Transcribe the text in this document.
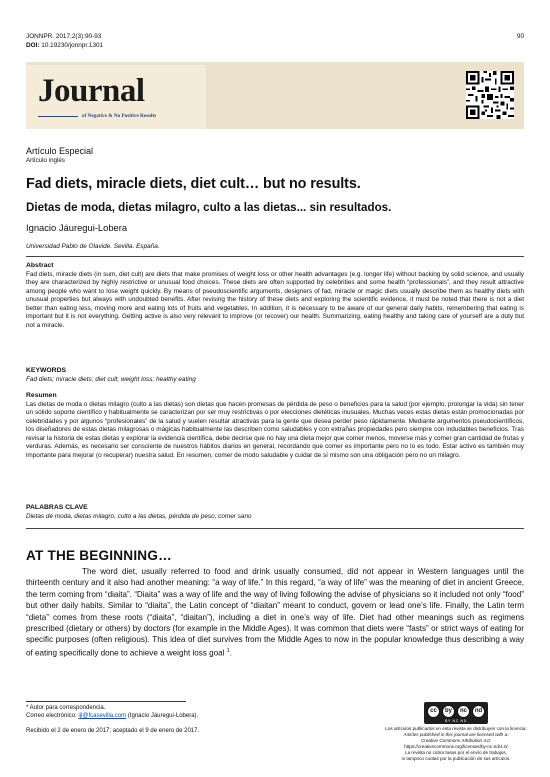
JONNPR. 2017;2(3):90-93
DOI: 10.19230/jonnpr.1301
90
Journal
of Negative & No Positive Results
Artículo Especial
Artículo inglés
Fad diets, miracle diets, diet cult… but no results.
Dietas de moda, dietas milagro, culto a las dietas... sin resultados.
Ignacio Jáuregui-Lobera
Universidad Pablo de Olavide. Sevilla. España.
Abstract

Fad diets, miracle diets (in sum, diet cult) are diets that make promises of weight loss or other health advantages (e.g. longer life) without backing by solid science, and usually they are characterized by highly restrictive or unusual food choices. These diets are often supported by celebrities and some health “professionals”, and they result attractive among people who want to lose weight quickly. By means of pseudoscientific arguments, designers of fad, miracle or magic diets usually describe them as healthy diets with unusual properties but always with undoubted benefits. After revising the history of these diets and exploring the scientific evidence, it must be noted that there is not a diet better than eating less, moving more and eating lots of fruits and vegetables. In addition, it is necessary to be aware of our general daily habits, remembering that eating is important but it is not everything. Getting active is also very relevant to improve (or recover) our health. Summarizing, eating healthy and taking care of yourself are a duty but not a miracle.

KEYWORDS

Fad diets; miracle diets; diet cult; weight loss; healthy eating

Resumen

Las dietas de moda o dietas milagro (culto a las dietas) son dietas que hacen promesas de pérdida de peso o beneficios para la salud (por ejemplo, prolongar la vida) sin tener un sólido soporte científico y habitualmente se caracterizan por ser muy restrictivas o por elecciones dietéticas inusuales. Muchas veces estas dietas están promocionadas por celebridades y por algunos “profesionales” de la salud y suelen resultar atractivas para la gente que desea perder peso rápidamente. Mediante argumentos pseudocientíficos, los diseñadores de estas dietas milagrosas o mágicas habitualmente las describen como saludables y con extrañas propiedades pero siempre con indudables beneficios. Tras revisar la historia de estas dietas y explorar la evidencia científica, debe decirse que no hay una dieta mejor que comer menos, moverse más y comer gran cantidad de frutas y verduras. Además, es necesario ser consciente de nuestros hábitos diarios en general, recordando que comer es importante pero no lo es todo. Estar activo es también muy importante para mejorar (o recuperar) nuestra salud. En resumen, comer de modo saludable y cuidar de sí mismo son una obligación pero no un milagro.

PALABRAS CLAVE

Dietas de moda, dietas milagro, culto a las dietas, pérdida de peso, comer sano

AT THE BEGINNING…

The word diet, usually referred to food and drink usually consumed, did not appear in Western languages until the thirteenth century and it also had another meaning: “a way of life.” In this regard, “a way of life” was the meaning of diet in ancient Greece, the term coming from “diaita”. “Diaita” was a way of life and the way of living following the advise of physicians so it included not only “food” but other daily habits. Similar to “diaita”, the Latin concept of “diaitan” meant to conduct, govern or lead one’s life. Finally, the Latin term “dieta” comes from these roots (“diaita”, “diaitan”), including a diet in one’s way of life. Diet had other meanings such as regimens prescribed (dietary or others) by doctors (for example in the Middle Ages). It was common that diets were “fasts” or strict ways of eating for specific purposes (often religious). This idea of diet survives from the Middle Ages to now in the popular knowledge thus describing a way of eating specifically done to achieve a weight loss goal $^1$.

* Autor para correspondencia.
Correo electrónico: ijl@fcasevilla.com (Ignacio Jáuregui-Lobera).
Recibido el 2 de enero de 2017; aceptado el 9 de enero de 2017.
cc	by	nc	nd
BY NC ND
Los artículos publicados en esta revista se distribuyen con la licencia:
Articles published in this journal are licensed with a:
Creative Commons Attribution 4.0.
https://creativecommons.org/licenses/by-nc-nd/4.0/
La revista no cobra tasas por el envío de trabajos,
ni tampoco cuotas por la publicación de sus artículos.
